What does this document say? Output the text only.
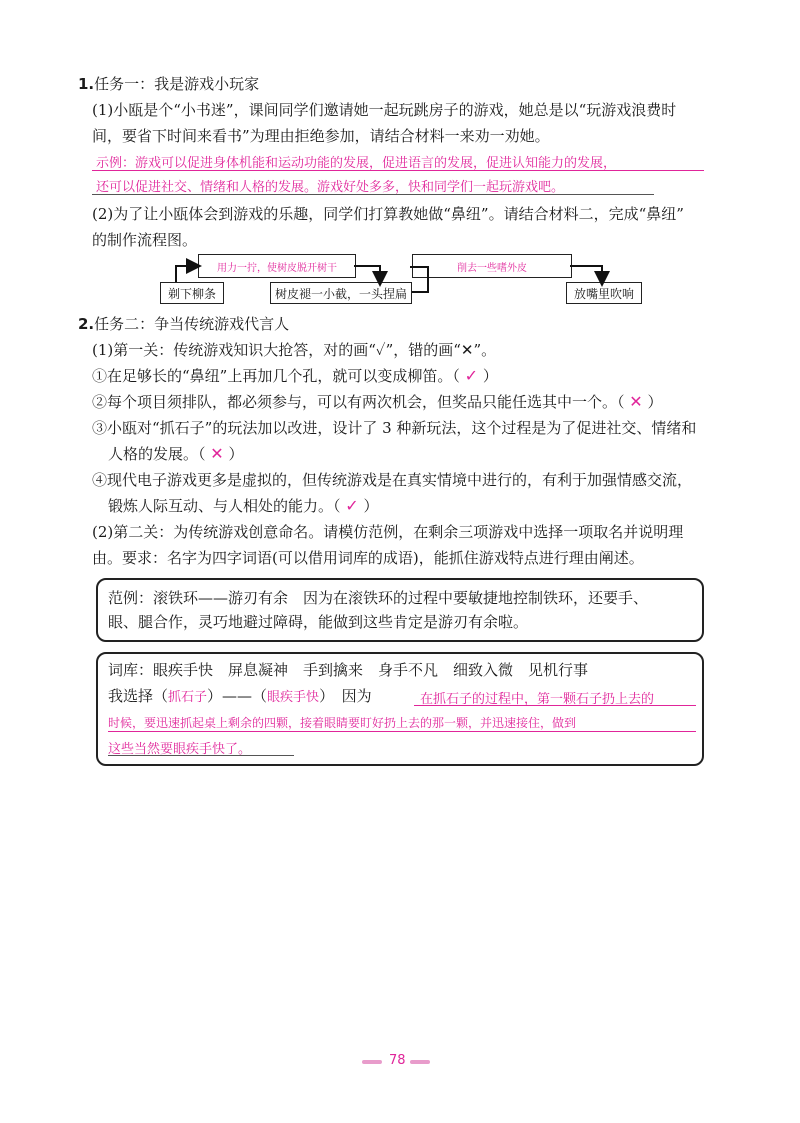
1.任务一：我是游戏小玩家
(1)小瓯是个“小书迷”，课间同学们邀请她一起玩跳房子的游戏，她总是以“玩游戏浪费时
间，要省下时间来看书”为理由拒绝参加，请结合材料一来劝一劝她。
示例：游戏可以促进身体机能和运动功能的发展，促进语言的发展，促进认知能力的发展，
还可以促进社交、情绪和人格的发展。游戏好处多多，快和同学们一起玩游戏吧。
(2)为了让小瓯体会到游戏的乐趣，同学们打算教她做“鼻纽”。请结合材料二，完成“鼻纽”
的制作流程图。
用力一拧，使树皮脱开树干	削去一些嗜外皮
剃下柳条	树皮褪一小截，一头捏扁	放嘴里吹响
2.任务二：争当传统游戏代言人
(1)第一关：传统游戏知识大抢答，对的画“✓”，错的画“✕”。
①在足够长的“鼻纽”上再加几个孔，就可以变成柳笛。（ ✓ ）
②每个项目须排队，都必须参与，可以有两次机会，但奖品只能任选其中一个。（ ✕ ）
③小瓯对“抓石子”的玩法加以改进，设计了 3 种新玩法，这个过程是为了促进社交、情绪和
人格的发展。（ ✕ ）
④现代电子游戏更多是虚拟的，但传统游戏是在真实情境中进行的，有利于加强情感交流，
锻炼人际互动、与人相处的能力。（ ✓ ）
(2)第二关：为传统游戏创意命名。请模仿范例，在剩余三项游戏中选择一项取名并说明理
由。要求：名字为四字词语(可以借用词库的成语)，能抓住游戏特点进行理由阐述。
范例：滚铁环——游刃有余　因为在滚铁环的过程中要敏捷地控制铁环，还要手、
眼、腿合作，灵巧地避过障碍，能做到这些肯定是游刃有余啦。
词库：眼疾手快　屏息凝神　手到擒来　身手不凡　细致入微　见机行事
我选择（抓石子）——（眼疾手快）　因为	在抓石子的过程中，第一颗石子扔上去的
时候，要迅速抓起桌上剩余的四颗，接着眼睛要盯好扔上去的那一颗，并迅速接住，做到
这些当然要眼疾手快了。
78
